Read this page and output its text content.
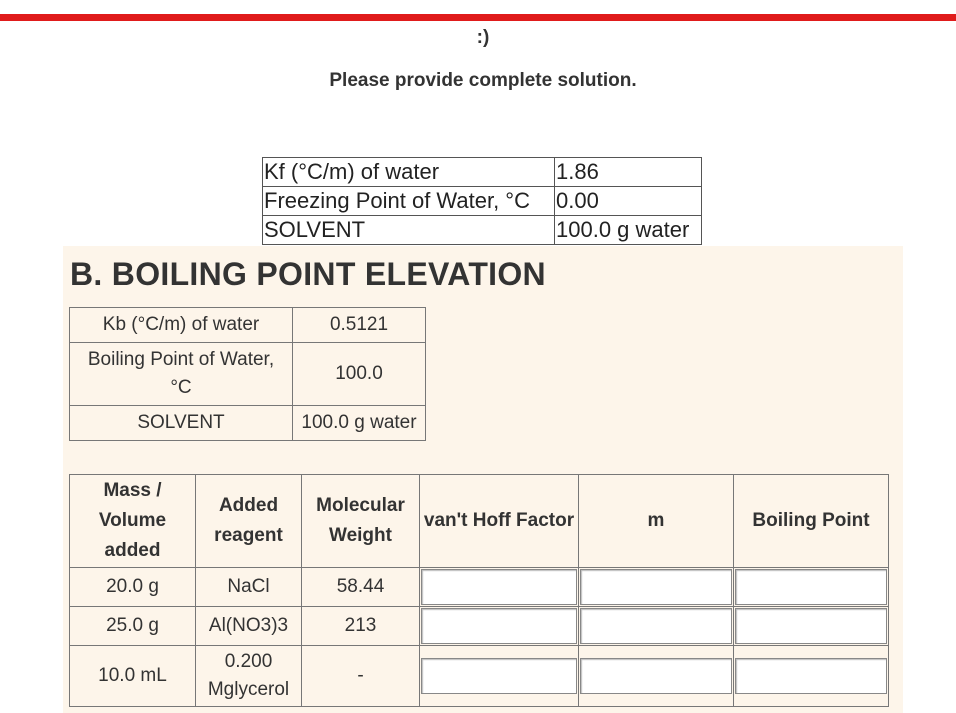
:)
Please provide complete solution.
Kf (°C/m) of water	1.86
Freezing Point of Water, °C	0.00
SOLVENT	100.0 g water
B. BOILING POINT ELEVATION
Kb (°C/m) of water	0.5121
Boiling Point of Water, °C	100.0
SOLVENT	100.0 g water
Mass / Volume added	Added reagent	Molecular Weight	van't Hoff Factor	m	Boiling Point
20.0 g	NaCl	58.44	

25.0 g	Al(NO3)3	213	

10.0 mL	0.200 Mglycerol	-	
